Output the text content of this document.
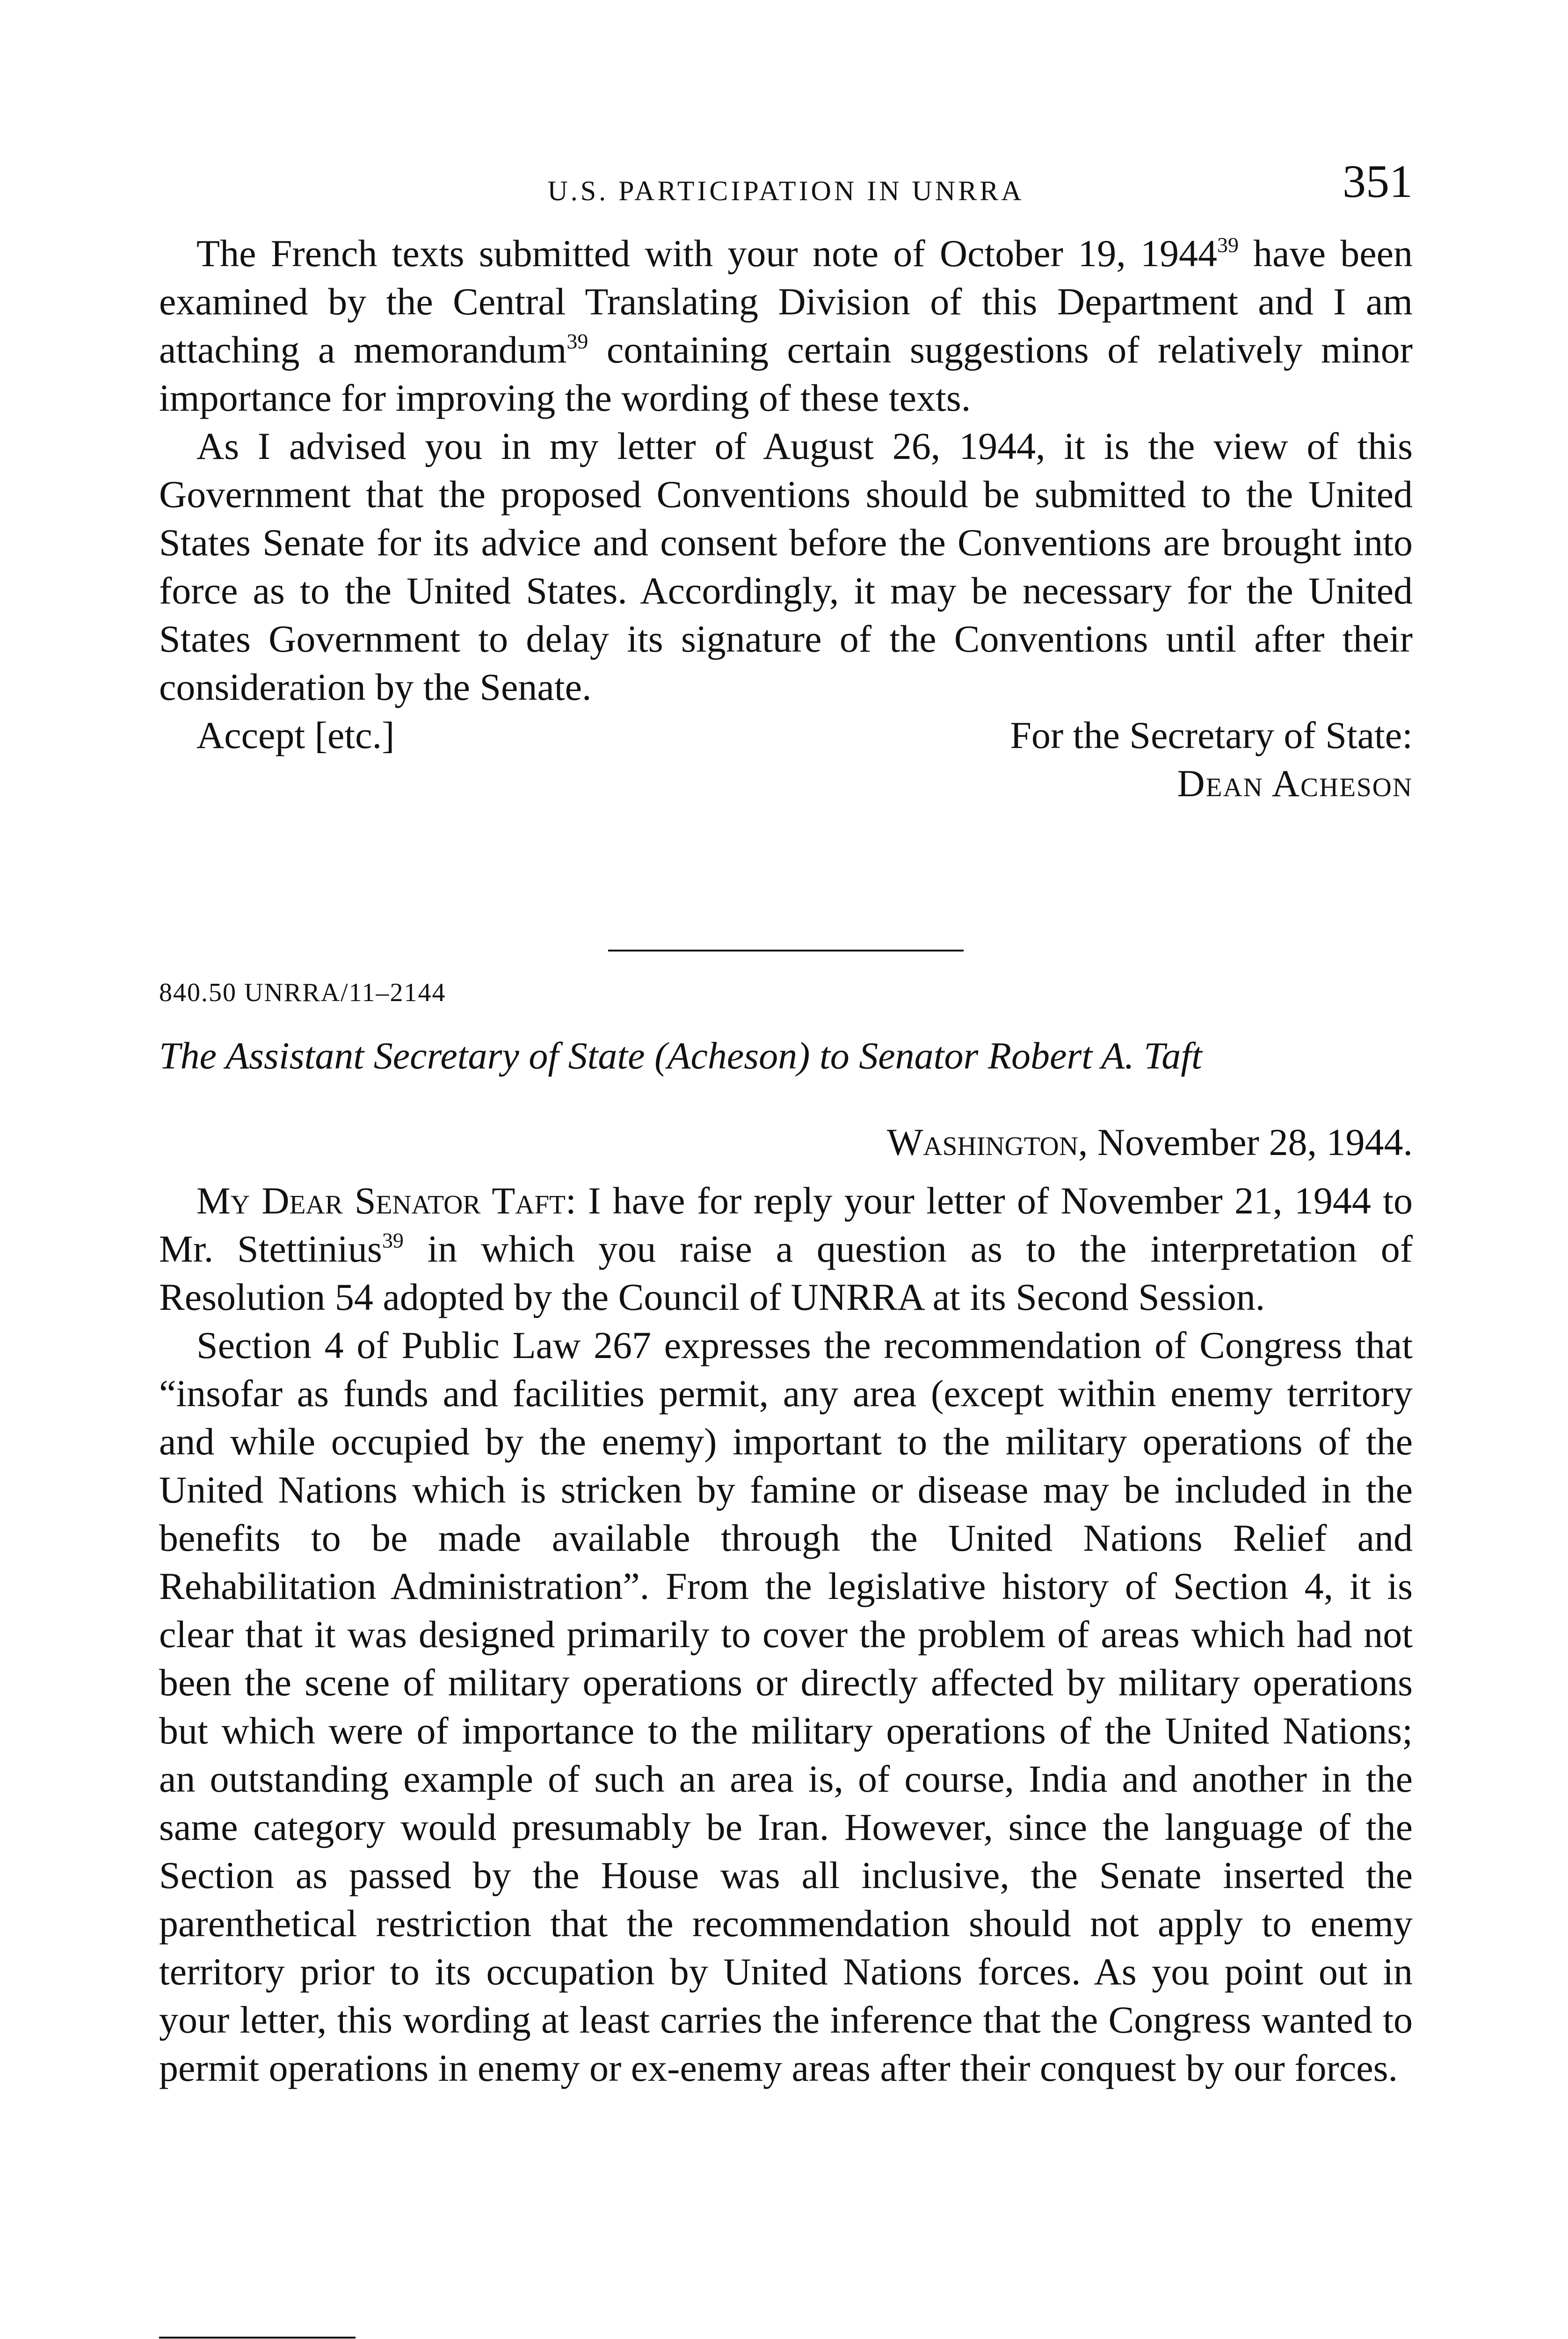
U.S. PARTICIPATION IN UNRRA	351

The French texts submitted with your note of October 19, 1944$^{39}$ have been examined by the Central Translating Division of this Department and I am attaching a memorandum$^{39}$ containing certain suggestions of relatively minor importance for improving the wording of these texts.

As I advised you in my letter of August 26, 1944, it is the view of this Government that the proposed Conventions should be submitted to the United States Senate for its advice and consent before the Conventions are brought into force as to the United States. Accordingly, it may be necessary for the United States Government to delay its signature of the Conventions until after their consideration by the Senate.

Accept [etc.]	For the Secretary of State:
Dean Acheson
840.50 UNRRA/11–2144
The Assistant Secretary of State (Acheson) to Senator Robert A. Taft
Washington, November 28, 1944.

My Dear Senator Taft: I have for reply your letter of November 21, 1944 to Mr. Stettinius$^{39}$ in which you raise a question as to the interpretation of Resolution 54 adopted by the Council of UNRRA at its Second Session.

Section 4 of Public Law 267 expresses the recommendation of Congress that “insofar as funds and facilities permit, any area (except within enemy territory and while occupied by the enemy) important to the military operations of the United Nations which is stricken by famine or disease may be included in the benefits to be made available through the United Nations Relief and Rehabilitation Administration”. From the legislative history of Section 4, it is clear that it was designed primarily to cover the problem of areas which had not been the scene of military operations or directly affected by military operations but which were of importance to the military operations of the United Nations; an outstanding example of such an area is, of course, India and another in the same category would presumably be Iran. However, since the language of the Section as passed by the House was all inclusive, the Senate inserted the parenthetical restriction that the recommendation should not apply to enemy territory prior to its occupation by United Nations forces. As you point out in your letter, this wording at least carries the inference that the Congress wanted to permit operations in enemy or ex-enemy areas after their conquest by our forces.
